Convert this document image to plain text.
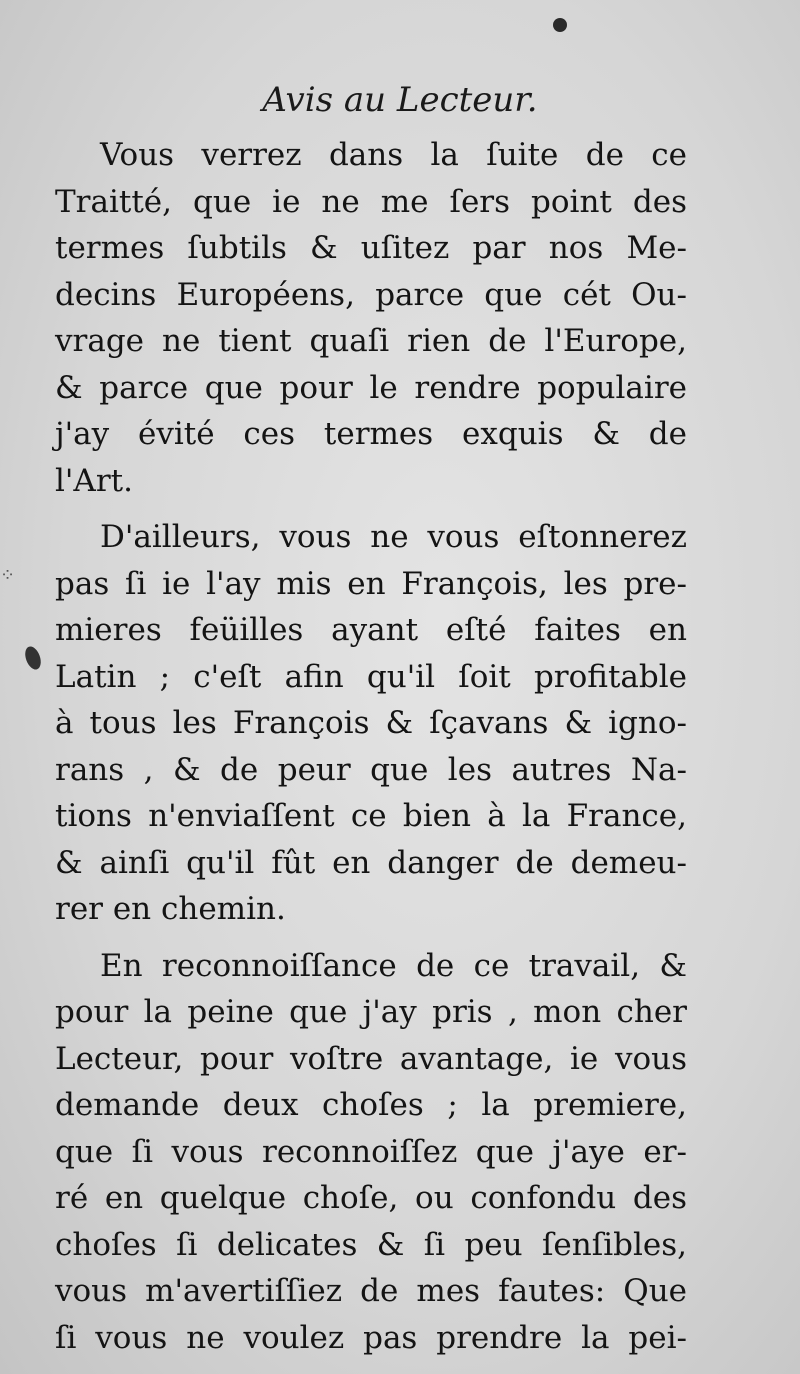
⁘
Avis au Lecteur.
Vous verrez dans la ſuite de ce
Traitté, que ie ne me ſers point des
termes ſubtils & uſitez par nos Me-
decins Européens, parce que cét Ou-
vrage ne tient quaſi rien de l'Europe,
& parce que pour le rendre populaire
j'ay évité ces termes exquis & de
l'Art.
D'ailleurs, vous ne vous eſtonnerez
pas ſi ie l'ay mis en François, les pre-
mieres feüilles ayant eſté faites en
Latin ; c'eſt afin qu'il ſoit profitable
à tous les François & ſçavans & igno-
rans , & de peur que les autres Na-
tions n'enviaſſent ce bien à la France,
& ainſi qu'il fût en danger de demeu-
rer en chemin.
En reconnoiſſance de ce travail, &
pour la peine que j'ay pris , mon cher
Lecteur, pour voſtre avantage, ie vous
demande deux choſes ; la premiere,
que ſi vous reconnoiſſez que j'aye er-
ré en quelque choſe, ou confondu des
choſes ſi delicates & ſi peu ſenſibles,
vous m'avertiſſiez de mes fautes: Que
ſi vous ne voulez pas prendre la pei-
